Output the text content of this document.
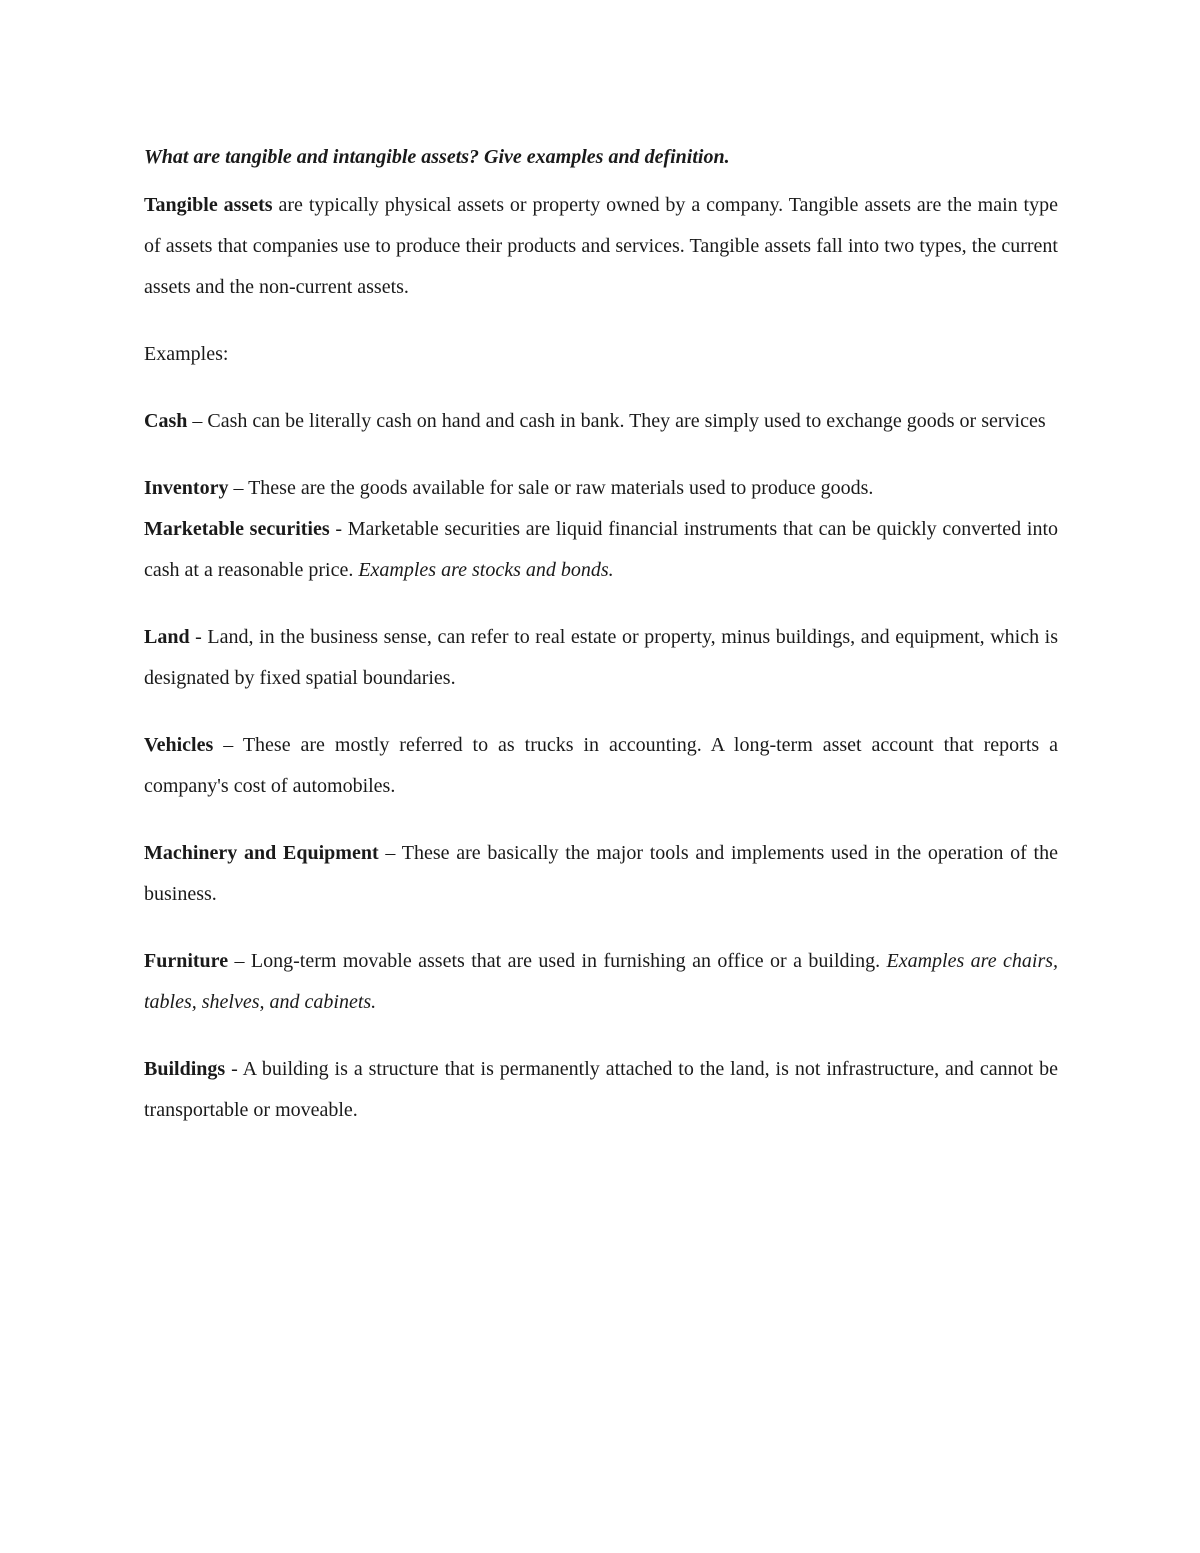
What are tangible and intangible assets? Give examples and definition.

Tangible assets are typically physical assets or property owned by a company. Tangible assets are the main type of assets that companies use to produce their products and services. Tangible assets fall into two types, the current assets and the non-current assets.

Examples:

Cash – Cash can be literally cash on hand and cash in bank. They are simply used to exchange goods or services

Inventory – These are the goods available for sale or raw materials used to produce goods.

Marketable securities - Marketable securities are liquid financial instruments that can be quickly converted into cash at a reasonable price. Examples are stocks and bonds.

Land - Land, in the business sense, can refer to real estate or property, minus buildings, and equipment, which is designated by fixed spatial boundaries.

Vehicles – These are mostly referred to as trucks in accounting. A long-term asset account that reports a company's cost of automobiles.

Machinery and Equipment – These are basically the major tools and implements used in the operation of the business.

Furniture – Long-term movable assets that are used in furnishing an office or a building. Examples are chairs, tables, shelves, and cabinets.

Buildings - A building is a structure that is permanently attached to the land, is not infrastructure, and cannot be transportable or moveable.
